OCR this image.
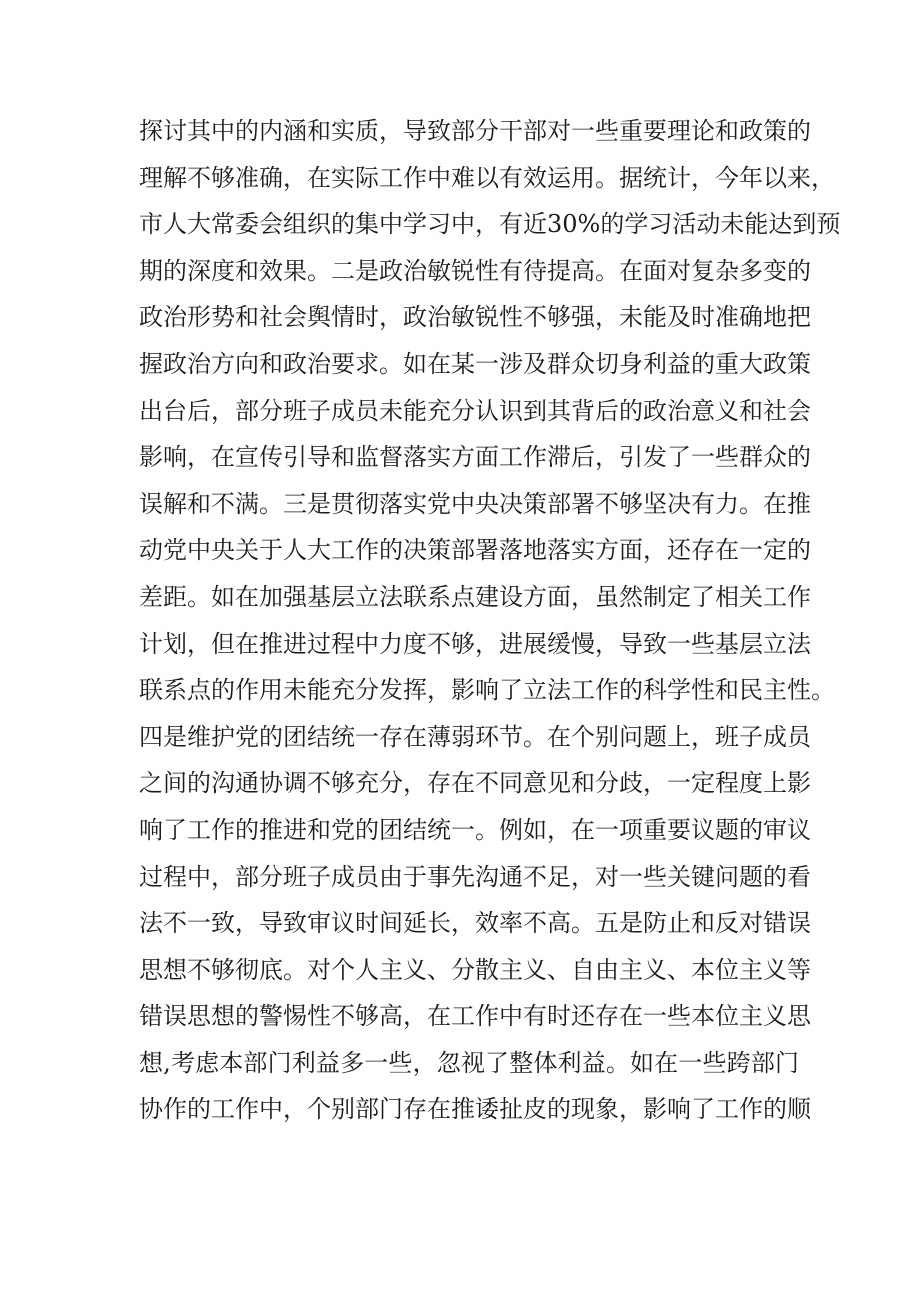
探讨其中的内涵和实质，导致部分干部对一些重要理论和政策的
理解不够准确，在实际工作中难以有效运用。据统计，今年以来，
市人大常委会组织的集中学习中，有近30%的学习活动未能达到预
期的深度和效果。二是政治敏锐性有待提高。在面对复杂多变的
政治形势和社会舆情时，政治敏锐性不够强，未能及时准确地把
握政治方向和政治要求。如在某一涉及群众切身利益的重大政策
出台后，部分班子成员未能充分认识到其背后的政治意义和社会
影响，在宣传引导和监督落实方面工作滞后，引发了一些群众的
误解和不满。三是贯彻落实党中央决策部署不够坚决有力。在推
动党中央关于人大工作的决策部署落地落实方面，还存在一定的
差距。如在加强基层立法联系点建设方面，虽然制定了相关工作
计划，但在推进过程中力度不够，进展缓慢，导致一些基层立法
联系点的作用未能充分发挥，影响了立法工作的科学性和民主性。
四是维护党的团结统一存在薄弱环节。在个别问题上，班子成员
之间的沟通协调不够充分，存在不同意见和分歧，一定程度上影
响了工作的推进和党的团结统一。例如，在一项重要议题的审议
过程中，部分班子成员由于事先沟通不足，对一些关键问题的看
法不一致，导致审议时间延长，效率不高。五是防止和反对错误
思想不够彻底。对个人主义、分散主义、自由主义、本位主义等
错误思想的警惕性不够高，在工作中有时还存在一些本位主义思
想,考虑本部门利益多一些，忽视了整体利益。如在一些跨部门
协作的工作中，个别部门存在推诿扯皮的现象，影响了工作的顺
